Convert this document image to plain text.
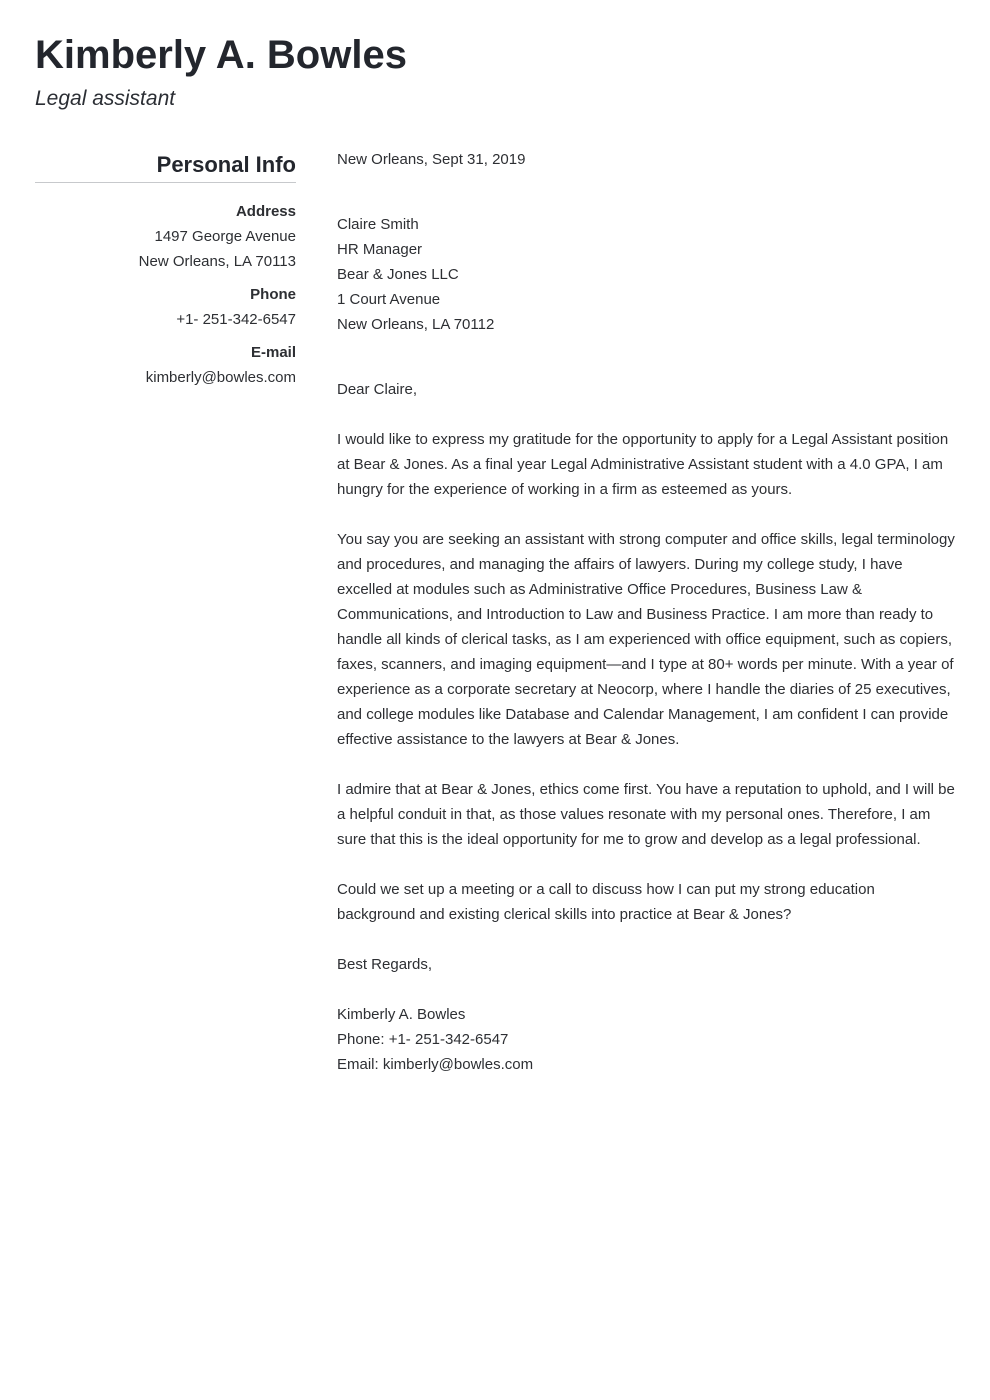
Kimberly A. Bowles
Legal assistant
Personal Info
Address
1497 George Avenue
New Orleans, LA 70113
Phone
+1- 251-342-6547
E-mail
kimberly@bowles.com

New Orleans, Sept 31, 2019

Claire Smith
HR Manager
Bear & Jones LLC
1 Court Avenue
New Orleans, LA 70112

Dear Claire,

I would like to express my gratitude for the opportunity to apply for a Legal Assistant position at Bear & Jones. As a final year Legal Administrative Assistant student with a 4.0 GPA, I am hungry for the experience of working in a firm as esteemed as yours.

You say you are seeking an assistant with strong computer and office skills, legal terminology and procedures, and managing the affairs of lawyers. During my college study, I have excelled at modules such as Administrative Office Procedures, Business Law & Communications, and Introduction to Law and Business Practice. I am more than ready to handle all kinds of clerical tasks, as I am experienced with office equipment, such as copiers, faxes, scanners, and imaging equipment—and I type at 80+ words per minute. With a year of experience as a corporate secretary at Neocorp, where I handle the diaries of 25 executives, and college modules like Database and Calendar Management, I am confident I can provide effective assistance to the lawyers at Bear & Jones.

I admire that at Bear & Jones, ethics come first. You have a reputation to uphold, and I will be a helpful conduit in that, as those values resonate with my personal ones. Therefore, I am sure that this is the ideal opportunity for me to grow and develop as a legal professional.

Could we set up a meeting or a call to discuss how I can put my strong education background and existing clerical skills into practice at Bear & Jones?

Best Regards,

Kimberly A. Bowles
Phone: +1- 251-342-6547
Email: kimberly@bowles.com
